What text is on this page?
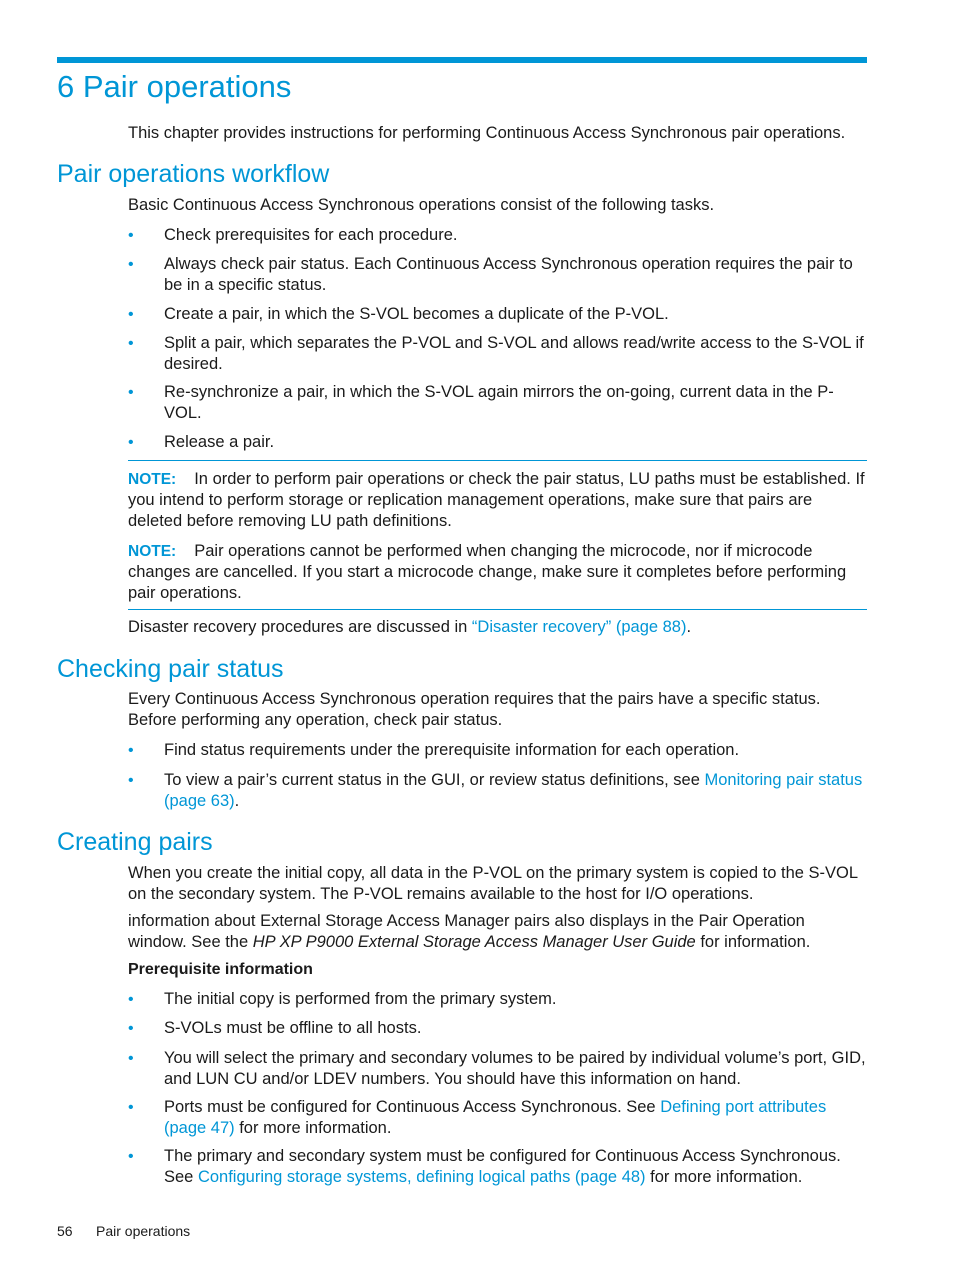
6 Pair operations

This chapter provides instructions for performing Continuous Access Synchronous pair operations.

Pair operations workflow

Basic Continuous Access Synchronous operations consist of the following tasks.

• Check prerequisites for each procedure.
• Always check pair status. Each Continuous Access Synchronous operation requires the pair to be in a specific status.
• Create a pair, in which the S-VOL becomes a duplicate of the P-VOL.
• Split a pair, which separates the P-VOL and S-VOL and allows read/write access to the S-VOL if desired.
• Re-synchronize a pair, in which the S-VOL again mirrors the on-going, current data in the P-VOL.
• Release a pair.

NOTE: In order to perform pair operations or check the pair status, LU paths must be established. If you intend to perform storage or replication management operations, make sure that pairs are deleted before removing LU path definitions.

NOTE: Pair operations cannot be performed when changing the microcode, nor if microcode changes are cancelled. If you start a microcode change, make sure it completes before performing pair operations.

Disaster recovery procedures are discussed in “Disaster recovery” (page 88).

Checking pair status

Every Continuous Access Synchronous operation requires that the pairs have a specific status. Before performing any operation, check pair status.

• Find status requirements under the prerequisite information for each operation.
• To view a pair’s current status in the GUI, or review status definitions, see Monitoring pair status (page 63).
Creating pairs

When you create the initial copy, all data in the P-VOL on the primary system is copied to the S-VOL on the secondary system. The P-VOL remains available to the host for I/O operations.

information about External Storage Access Manager pairs also displays in the Pair Operation window. See the HP XP P9000 External Storage Access Manager User Guide for information.

Prerequisite information
• The initial copy is performed from the primary system.
• S-VOLs must be offline to all hosts.
• You will select the primary and secondary volumes to be paired by individual volume’s port, GID, and LUN CU and/or LDEV numbers. You should have this information on hand.
• Ports must be configured for Continuous Access Synchronous. See Defining port attributes (page 47) for more information.
• The primary and secondary system must be configured for Continuous Access Synchronous. See Configuring storage systems, defining logical paths (page 48) for more information.
56 Pair operations
